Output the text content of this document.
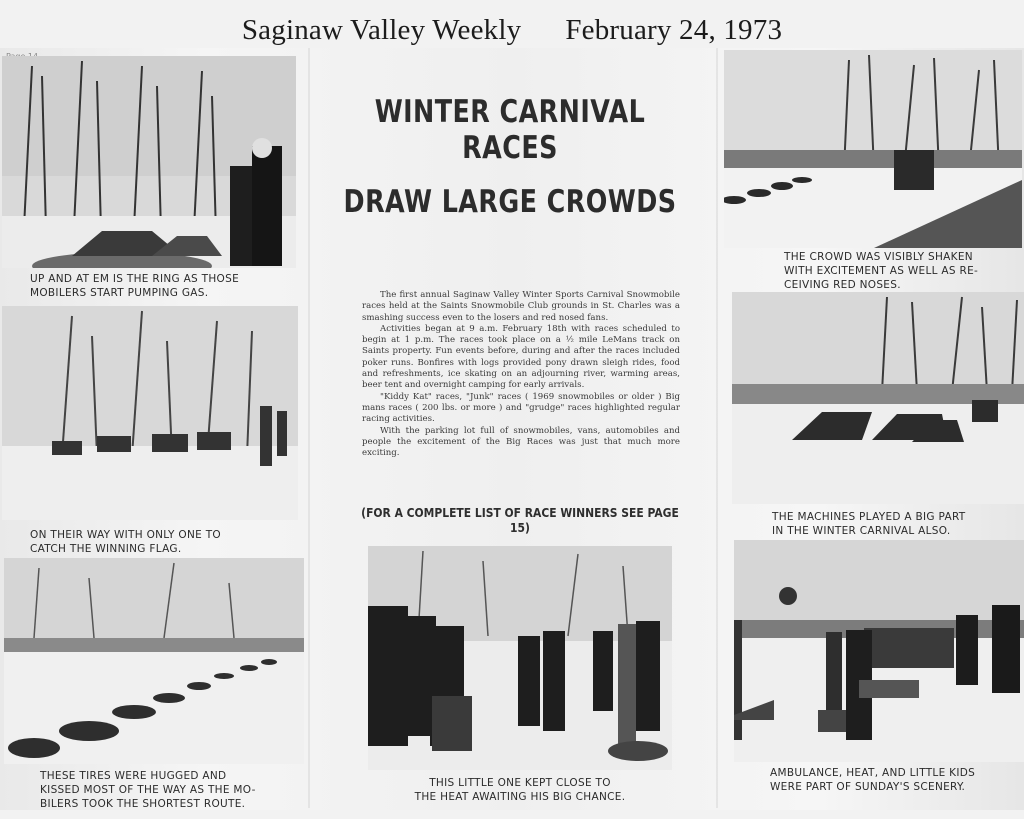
Saginaw Valley Weekly February 24, 1973
UP AND AT EM IS THE RING AS THOSE
MOBILERS START PUMPING GAS.
ON THEIR WAY WITH ONLY ONE TO
CATCH THE WINNING FLAG.
THESE TIRES WERE HUGGED AND
KISSED MOST OF THE WAY AS THE MO-
BILERS TOOK THE SHORTEST ROUTE.
WINTER CARNIVAL RACES
DRAW LARGE CROWDS

The first annual Saginaw Valley Winter Sports Carnival Snowmobile races held at the Saints Snowmobile Club grounds in St. Charles was a smashing success even to the losers and red nosed fans.

Activities began at 9 a.m. February 18th with races scheduled to begin at 1 p.m. The races took place on a ½ mile LeMans track on Saints property. Fun events before, during and after the races included poker runs. Bonfires with logs provided pony drawn sleigh rides, food and refreshments, ice skating on an adjourning river, warming areas, beer tent and overnight camping for early arrivals.

"Kiddy Kat" races, "Junk" races ( 1969 snowmobiles or older ) Big mans races ( 200 lbs. or more ) and "grudge" races highlighted regular racing activities.

With the parking lot full of snowmobiles, vans, automobiles and people the excitement of the Big Races was just that much more exciting.

(FOR A COMPLETE LIST OF RACE WINNERS SEE PAGE 15)
THIS LITTLE ONE KEPT CLOSE TO
THE HEAT AWAITING HIS BIG CHANCE.
THE CROWD WAS VISIBLY SHAKEN
WITH EXCITEMENT AS WELL AS RE-
CEIVING RED NOSES.
THE MACHINES PLAYED A BIG PART
IN THE WINTER CARNIVAL ALSO.
AMBULANCE, HEAT, AND LITTLE KIDS
WERE PART OF SUNDAY'S SCENERY.
